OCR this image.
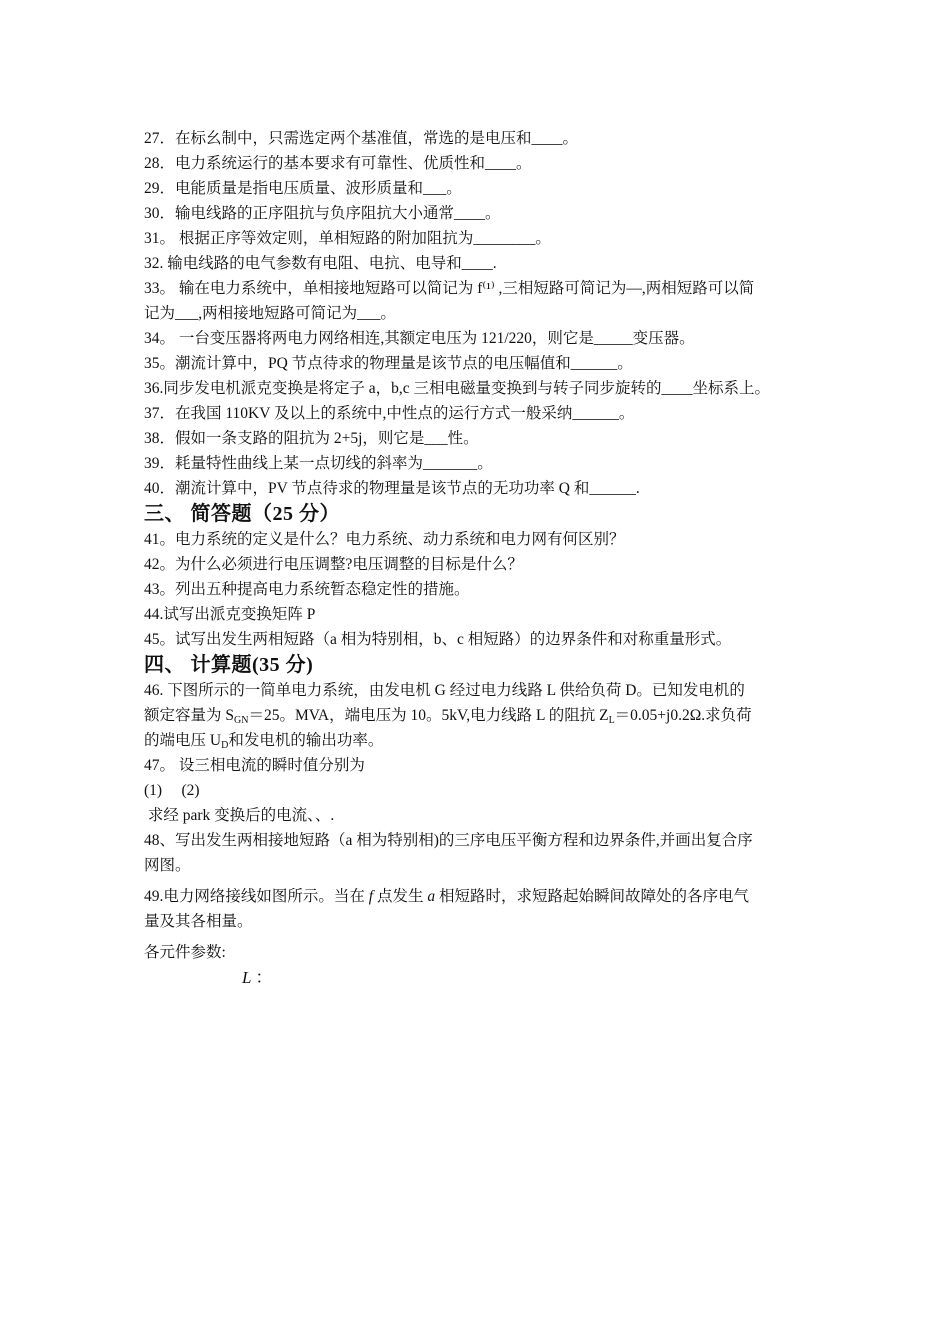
27．在标幺制中，只需选定两个基准值，常选的是电压和____。
28．电力系统运行的基本要求有可靠性、优质性和____。
29．电能质量是指电压质量、波形质量和___。
30．输电线路的正序阻抗与负序阻抗大小通常____。
31。 根据正序等效定则，单相短路的附加阻抗为________。
32. 输电线路的电气参数有电阻、电抗、电导和____.
33。 输在电力系统中，单相接地短路可以简记为 f⁽¹⁾ ,三相短路可简记为—,两相短路可以简
记为___,两相接地短路可简记为___。
34。 一台变压器将两电力网络相连,其额定电压为 121/220，则它是_____变压器。
35。潮流计算中，PQ 节点待求的物理量是该节点的电压幅值和______。
36.同步发电机派克变换是将定子 a，b,c 三相电磁量变换到与转子同步旋转的____坐标系上。
37．在我国 110KV 及以上的系统中,中性点的运行方式一般采纳______。
38．假如一条支路的阻抗为 2+5j，则它是___性。
39．耗量特性曲线上某一点切线的斜率为_______。
40．潮流计算中，PV 节点待求的物理量是该节点的无功功率 Q 和______.
三、 简答题（25 分）
41。电力系统的定义是什么？电力系统、动力系统和电力网有何区别？
42。为什么必须进行电压调整?电压调整的目标是什么？
43。列出五种提高电力系统暂态稳定性的措施。
44.试写出派克变换矩阵 P
45。试写出发生两相短路（a 相为特别相，b、c 相短路）的边界条件和对称重量形式。
四、 计算题(35 分)
46. 下图所示的一简单电力系统，由发电机 G 经过电力线路 L 供给负荷 D。已知发电机的
额定容量为 $S_{GN}=25$。MVA，端电压为 10。5kV,电力线路 L 的阻抗 $Z_L=0.05+j0.2\Omega$.求负荷
的端电压 $U_D$和发电机的输出功率。
47。 设三相电流的瞬时值分别为
(1)     (2)
求经 park 变换后的电流、、.
48、写出发生两相接地短路（a 相为特别相)的三序电压平衡方程和边界条件,并画出复合序
网图。
49.电力网络接线如图所示。当在 f 点发生 a 相短路时，求短路起始瞬间故障处的各序电气
量及其各相量。
各元件参数:
L ：
